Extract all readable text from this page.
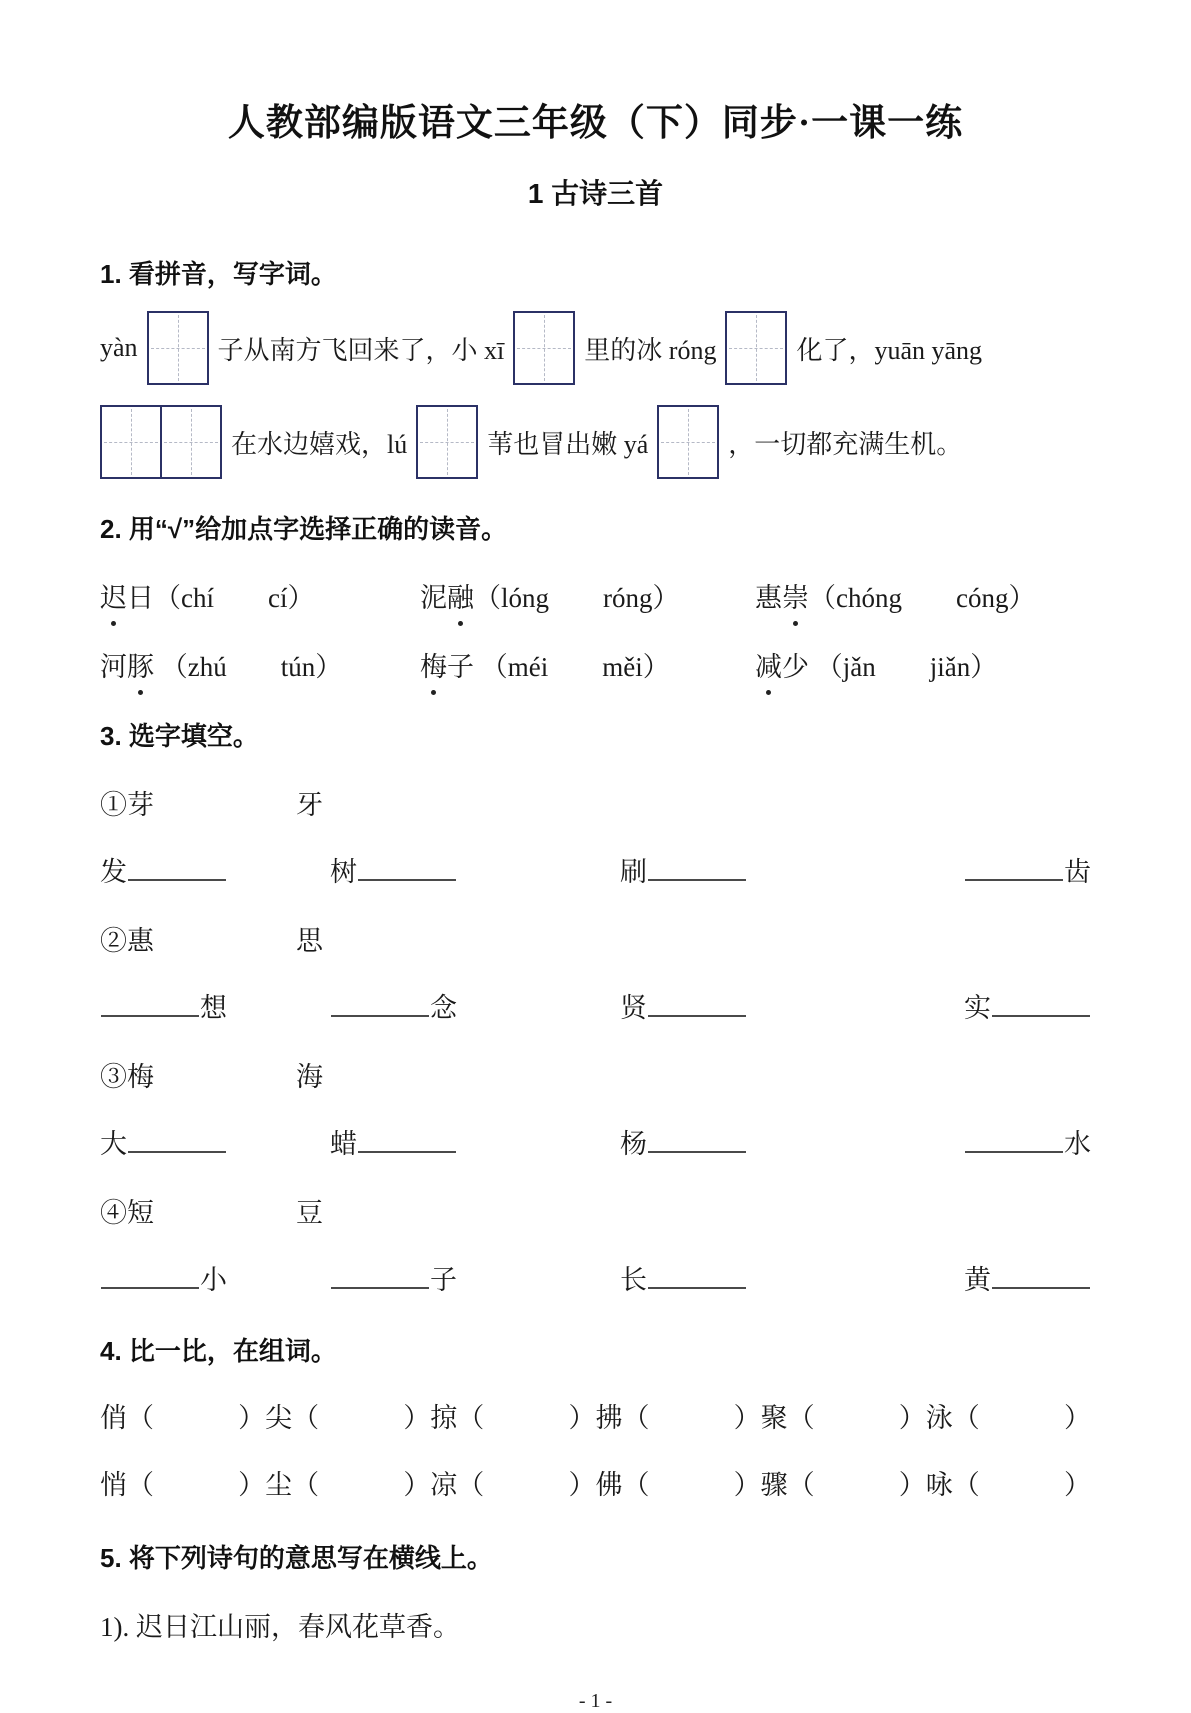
人教部编版语文三年级（下）同步·一课一练
1 古诗三首
1. 看拼音，写字词。
yàn	子从南方飞回来了，小 xī	里的冰 róng	化了，yuān yāng
在水边嬉戏，lú	苇也冒出嫩 yá	，一切都充满生机。
2. 用“√”给加点字选择正确的读音。
迟日（chí　　cí）	泥融（lóng　　róng）	惠崇（chóng　　cóng）
河豚 （zhú　　tún）	梅子 （méi　　měi）	减少 （jǎn　　jiǎn）
3. 选字填空。
①芽	牙
发	树	刷	齿
②惠	思
想	念	贤	实
③梅	海
大	蜡	杨	水
④短	豆
小	子	长	黄
4. 比一比，在组词。
俏（	）尖（	）掠（	）拂（	）聚（	）泳（	）
悄（	）尘（	）凉（	）佛（	）骤（	）咏（	）
5. 将下列诗句的意思写在横线上。
1). 迟日江山丽，春风花草香。
- 1 -
